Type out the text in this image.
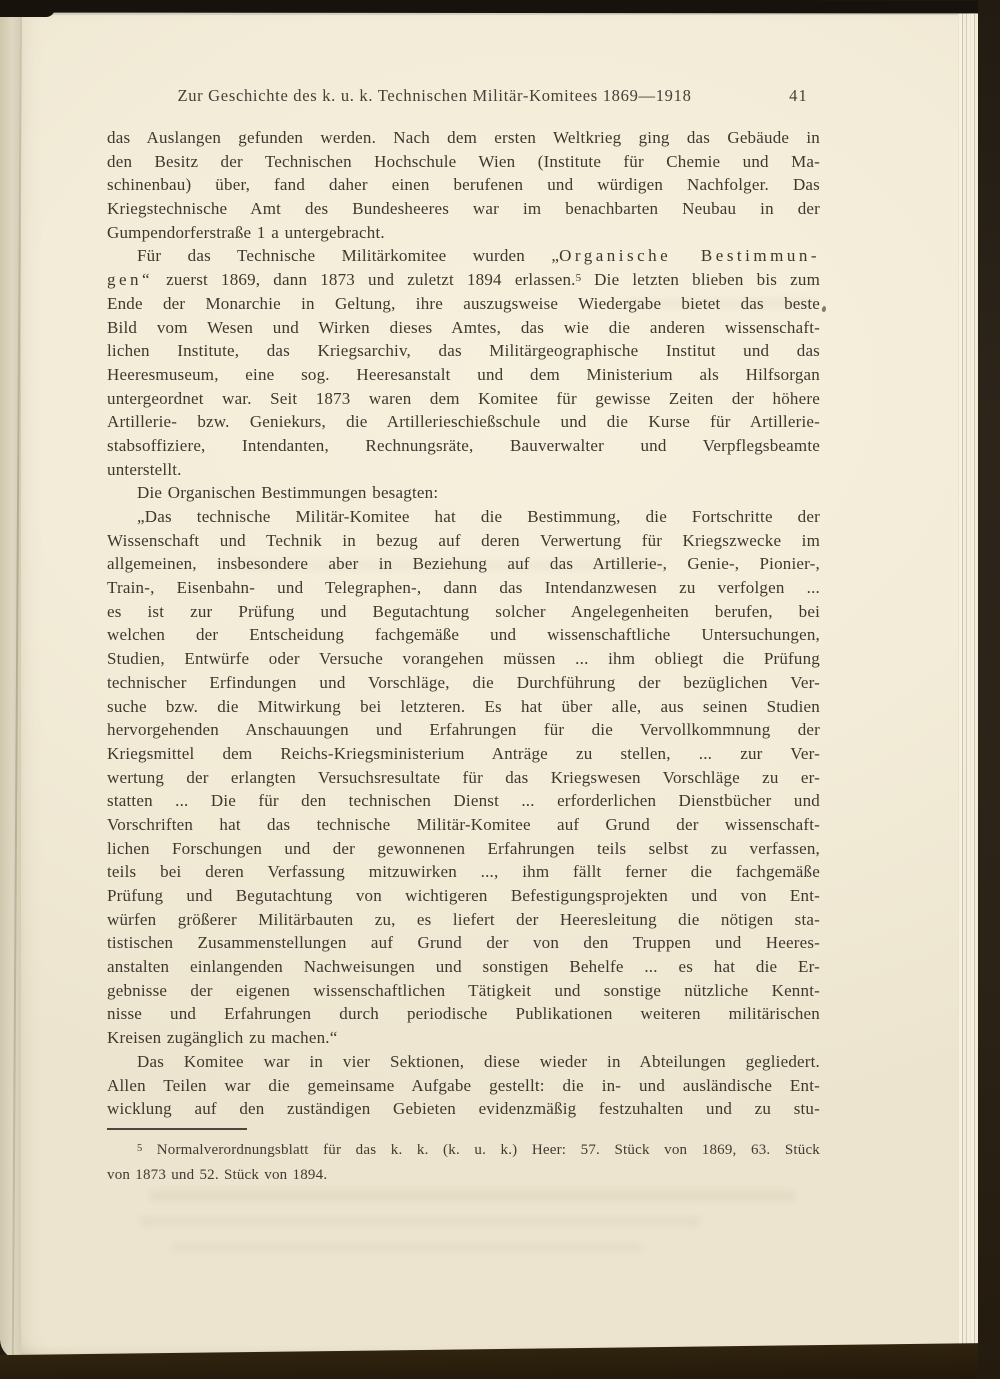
Zur Geschichte des k. u. k. Technischen Militär-Komitees 1869—1918	41
das Auslangen gefunden werden. Nach dem ersten Weltkrieg ging das Gebäude in
den Besitz der Technischen Hochschule Wien (Institute für Chemie und Ma-
schinenbau) über, fand daher einen berufenen und würdigen Nachfolger. Das
Kriegstechnische Amt des Bundesheeres war im benachbarten Neubau in der
Gumpendorferstraße 1 a untergebracht.
Für das Technische Militärkomitee wurden „Organische Bestimmun-
gen“ zuerst 1869, dann 1873 und zuletzt 1894 erlassen.$^5$ Die letzten blieben bis zum
Ende der Monarchie in Geltung, ihre auszugsweise Wiedergabe bietet das beste
Bild vom Wesen und Wirken dieses Amtes, das wie die anderen wissenschaft-
lichen Institute, das Kriegsarchiv, das Militärgeographische Institut und das
Heeresmuseum, eine sog. Heeresanstalt und dem Ministerium als Hilfsorgan
untergeordnet war. Seit 1873 waren dem Komitee für gewisse Zeiten der höhere
Artillerie- bzw. Geniekurs, die Artillerieschießschule und die Kurse für Artillerie-
stabsoffiziere, Intendanten, Rechnungsräte, Bauverwalter und Verpflegsbeamte
unterstellt.
Die Organischen Bestimmungen besagten:
„Das technische Militär-Komitee hat die Bestimmung, die Fortschritte der
Wissenschaft und Technik in bezug auf deren Verwertung für Kriegszwecke im
allgemeinen, insbesondere aber in Beziehung auf das Artillerie-, Genie-, Pionier-,
Train-, Eisenbahn- und Telegraphen-, dann das Intendanzwesen zu verfolgen ...
es ist zur Prüfung und Begutachtung solcher Angelegenheiten berufen, bei
welchen der Entscheidung fachgemäße und wissenschaftliche Untersuchungen,
Studien, Entwürfe oder Versuche vorangehen müssen ... ihm obliegt die Prüfung
technischer Erfindungen und Vorschläge, die Durchführung der bezüglichen Ver-
suche bzw. die Mitwirkung bei letzteren. Es hat über alle, aus seinen Studien
hervorgehenden Anschauungen und Erfahrungen für die Vervollkommnung der
Kriegsmittel dem Reichs-Kriegsministerium Anträge zu stellen, ... zur Ver-
wertung der erlangten Versuchsresultate für das Kriegswesen Vorschläge zu er-
statten ... Die für den technischen Dienst ... erforderlichen Dienstbücher und
Vorschriften hat das technische Militär-Komitee auf Grund der wissenschaft-
lichen Forschungen und der gewonnenen Erfahrungen teils selbst zu verfassen,
teils bei deren Verfassung mitzuwirken ..., ihm fällt ferner die fachgemäße
Prüfung und Begutachtung von wichtigeren Befestigungsprojekten und von Ent-
würfen größerer Militärbauten zu, es liefert der Heeresleitung die nötigen sta-
tistischen Zusammenstellungen auf Grund der von den Truppen und Heeres-
anstalten einlangenden Nachweisungen und sonstigen Behelfe ... es hat die Er-
gebnisse der eigenen wissenschaftlichen Tätigkeit und sonstige nützliche Kennt-
nisse und Erfahrungen durch periodische Publikationen weiteren militärischen
Kreisen zugänglich zu machen.“
Das Komitee war in vier Sektionen, diese wieder in Abteilungen gegliedert.
Allen Teilen war die gemeinsame Aufgabe gestellt: die in- und ausländische Ent-
wicklung auf den zuständigen Gebieten evidenzmäßig festzuhalten und zu stu-
$^5$ Normalverordnungsblatt für das k. k. (k. u. k.) Heer: 57. Stück von 1869, 63. Stück
von 1873 und 52. Stück von 1894.
